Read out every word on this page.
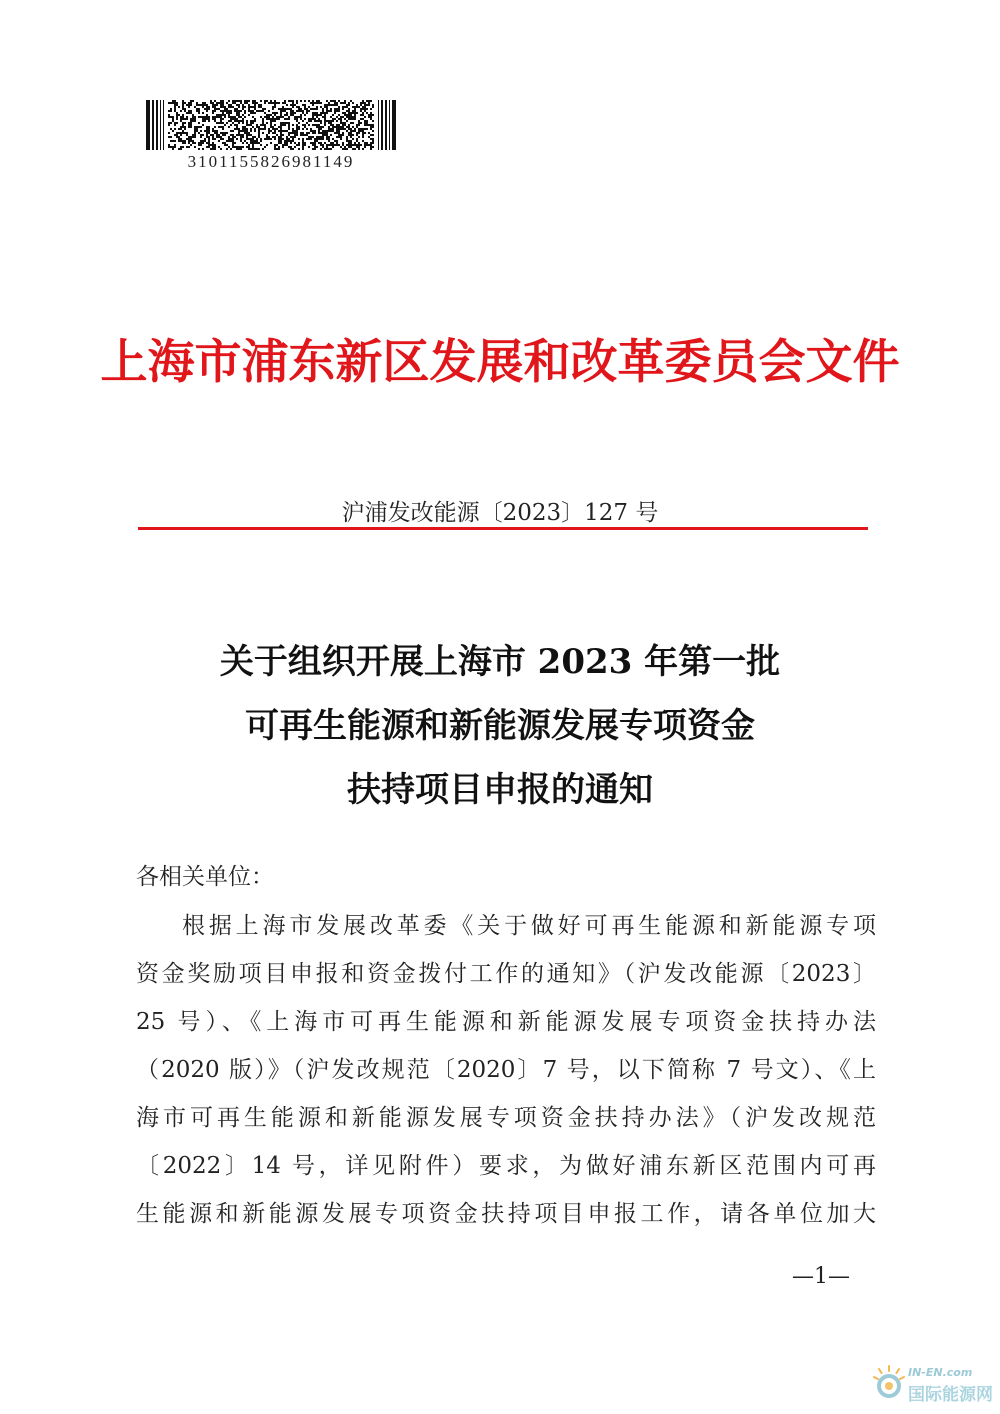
3101155826981149
上海市浦东新区发展和改革委员会文件
沪浦发改能源〔2023〕127 号
关于组织开展上海市 2023 年第一批
可再生能源和新能源发展专项资金
扶持项目申报的通知
各相关单位：
根据上海市发展改革委《关于做好可再生能源和新能源专项
资金奖励项目申报和资金拨付工作的通知》（沪发改能源〔2023〕
25 号）、《上海市可再生能源和新能源发展专项资金扶持办法
（2020 版）》（沪发改规范〔2020〕7 号，以下简称 7 号文）、《上
海市可再生能源和新能源发展专项资金扶持办法》（沪发改规范
〔2022〕14 号，详见附件）要求，为做好浦东新区范围内可再
生能源和新能源发展专项资金扶持项目申报工作，请各单位加大
—1—
IN-EN.com
国际能源网
